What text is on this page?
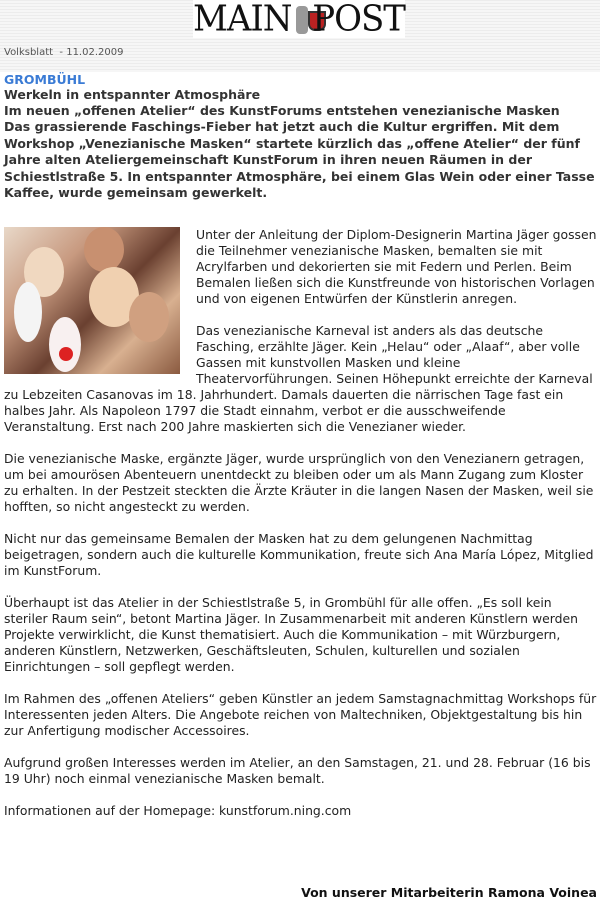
MAIN POST
Volksblatt  - 11.02.2009
GROMBÜHL
Werkeln in entspannter Atmosphäre
Im neuen „offenen Atelier“ des KunstForums entstehen venezianische Masken
Das grassierende Faschings-Fieber hat jetzt auch die Kultur ergriffen. Mit dem Workshop „Venezianische Masken“ startete kürzlich das „offene Atelier“ der fünf Jahre alten Ateliergemeinschaft KunstForum in ihren neuen Räumen in der Schiestlstraße 5. In entspannter Atmosphäre, bei einem Glas Wein oder einer Tasse Kaffee, wurde gemeinsam gewerkelt.

Unter der Anleitung der Diplom-Designerin Martina Jäger gossen die Teilnehmer venezianische Masken, bemalten sie mit Acrylfarben und dekorierten sie mit Federn und Perlen. Beim Bemalen ließen sich die Kunstfreunde von historischen Vorlagen und von eigenen Entwürfen der Künstlerin anregen.

Das venezianische Karneval ist anders als das deutsche Fasching, erzählte Jäger. Kein „Helau“ oder „Alaaf“, aber volle Gassen mit kunstvollen Masken und kleine Theatervorführungen. Seinen Höhepunkt erreichte der Karneval zu Lebzeiten Casanovas im 18. Jahrhundert. Damals dauerten die närrischen Tage fast ein halbes Jahr. Als Napoleon 1797 die Stadt einnahm, verbot er die ausschweifende Veranstaltung. Erst nach 200 Jahre maskierten sich die Venezianer wieder.

Die venezianische Maske, ergänzte Jäger, wurde ursprünglich von den Venezianern getragen, um bei amourösen Abenteuern unentdeckt zu bleiben oder um als Mann Zugang zum Kloster zu erhalten. In der Pestzeit steckten die Ärzte Kräuter in die langen Nasen der Masken, weil sie hofften, so nicht angesteckt zu werden.

Nicht nur das gemeinsame Bemalen der Masken hat zu dem gelungenen Nachmittag beigetragen, sondern auch die kulturelle Kommunikation, freute sich Ana María López, Mitglied im KunstForum.

Überhaupt ist das Atelier in der Schiestlstraße 5, in Grombühl für alle offen. „Es soll kein steriler Raum sein“, betont Martina Jäger. In Zusammenarbeit mit anderen Künstlern werden Projekte verwirklicht, die Kunst thematisiert. Auch die Kommunikation – mit Würzburgern, anderen Künstlern, Netzwerken, Geschäftsleuten, Schulen, kulturellen und sozialen Einrichtungen – soll gepflegt werden.

Im Rahmen des „offenen Ateliers“ geben Künstler an jedem Samstagnachmittag Workshops für Interessenten jeden Alters. Die Angebote reichen von Maltechniken, Objektgestaltung bis hin zur Anfertigung modischer Accessoires.

Aufgrund großen Interesses werden im Atelier, an den Samstagen, 21. und 28. Februar (16 bis 19 Uhr) noch einmal venezianische Masken bemalt.

Informationen auf der Homepage: kunstforum.ning.com

Von unserer Mitarbeiterin Ramona Voinea
